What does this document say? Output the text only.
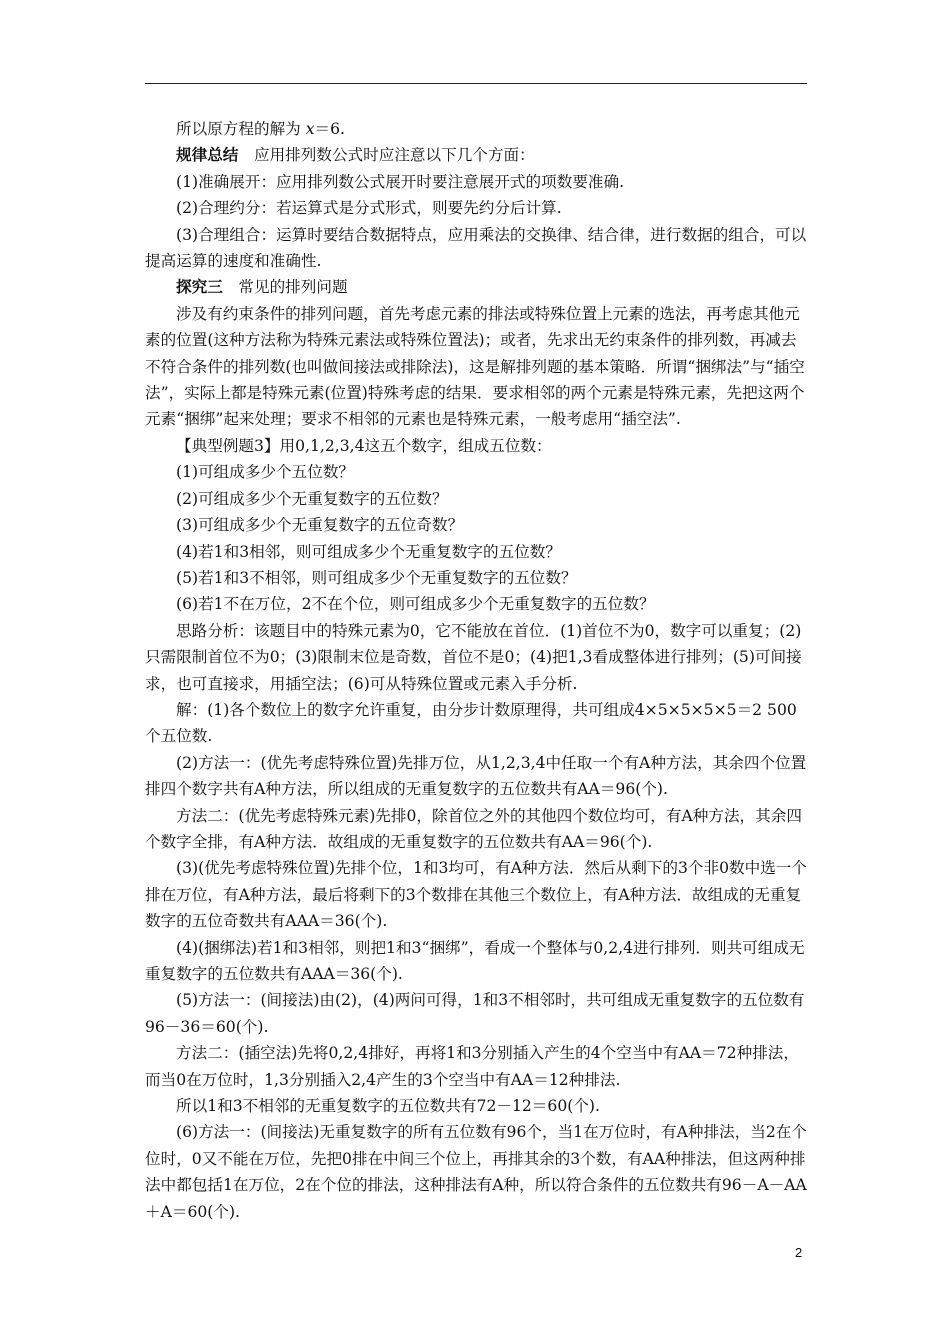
所以原方程的解为 x＝6.

规律总结　应用排列数公式时应注意以下几个方面：

(1)准确展开：应用排列数公式展开时要注意展开式的项数要准确.

(2)合理约分：若运算式是分式形式，则要先约分后计算.

(3)合理组合：运算时要结合数据特点，应用乘法的交换律、结合律，进行数据的组合，可以提高运算的速度和准确性.

探究三　常见的排列问题

涉及有约束条件的排列问题，首先考虑元素的排法或特殊位置上元素的选法，再考虑其他元素的位置(这种方法称为特殊元素法或特殊位置法)；或者，先求出无约束条件的排列数，再减去不符合条件的排列数(也叫做间接法或排除法)，这是解排列题的基本策略．所谓“捆绑法”与“插空法”，实际上都是特殊元素(位置)特殊考虑的结果．要求相邻的两个元素是特殊元素，先把这两个元素“捆绑”起来处理；要求不相邻的元素也是特殊元素，一般考虑用“插空法”.

【典型例题3】用0,1,2,3,4这五个数字，组成五位数：

(1)可组成多少个五位数？

(2)可组成多少个无重复数字的五位数？

(3)可组成多少个无重复数字的五位奇数？

(4)若1和3相邻，则可组成多少个无重复数字的五位数？

(5)若1和3不相邻，则可组成多少个无重复数字的五位数？

(6)若1不在万位，2不在个位，则可组成多少个无重复数字的五位数？

思路分析：该题目中的特殊元素为0，它不能放在首位．(1)首位不为0，数字可以重复；(2)只需限制首位不为0；(3)限制末位是奇数，首位不是0；(4)把1,3看成整体进行排列；(5)可间接求，也可直接求，用插空法；(6)可从特殊位置或元素入手分析.

解：(1)各个数位上的数字允许重复，由分步计数原理得，共可组成4×5×5×5×5＝2 500个五位数.

(2)方法一：(优先考虑特殊位置)先排万位，从1,2,3,4中任取一个有A种方法，其余四个位置排四个数字共有A种方法，所以组成的无重复数字的五位数共有AA＝96(个).

方法二：(优先考虑特殊元素)先排0，除首位之外的其他四个数位均可，有A种方法，其余四个数字全排，有A种方法．故组成的无重复数字的五位数共有AA＝96(个).

(3)(优先考虑特殊位置)先排个位，1和3均可，有A种方法．然后从剩下的3个非0数中选一个排在万位，有A种方法，最后将剩下的3个数排在其他三个数位上，有A种方法．故组成的无重复数字的五位奇数共有AAA＝36(个).

(4)(捆绑法)若1和3相邻，则把1和3“捆绑”，看成一个整体与0,2,4进行排列．则共可组成无重复数字的五位数共有AAA＝36(个).

(5)方法一：(间接法)由(2)，(4)两问可得，1和3不相邻时，共可组成无重复数字的五位数有96－36＝60(个).

方法二：(插空法)先将0,2,4排好，再将1和3分别插入产生的4个空当中有AA＝72种排法，而当0在万位时，1,3分别插入2,4产生的3个空当中有AA＝12种排法.

所以1和3不相邻的无重复数字的五位数共有72－12＝60(个).

(6)方法一：(间接法)无重复数字的所有五位数有96个，当1在万位时，有A种排法，当2在个位时，0又不能在万位，先把0排在中间三个位上，再排其余的3个数，有AA种排法，但这两种排法中都包括1在万位，2在个位的排法，这种排法有A种，所以符合条件的五位数共有96－A－AA＋A＝60(个).

2
